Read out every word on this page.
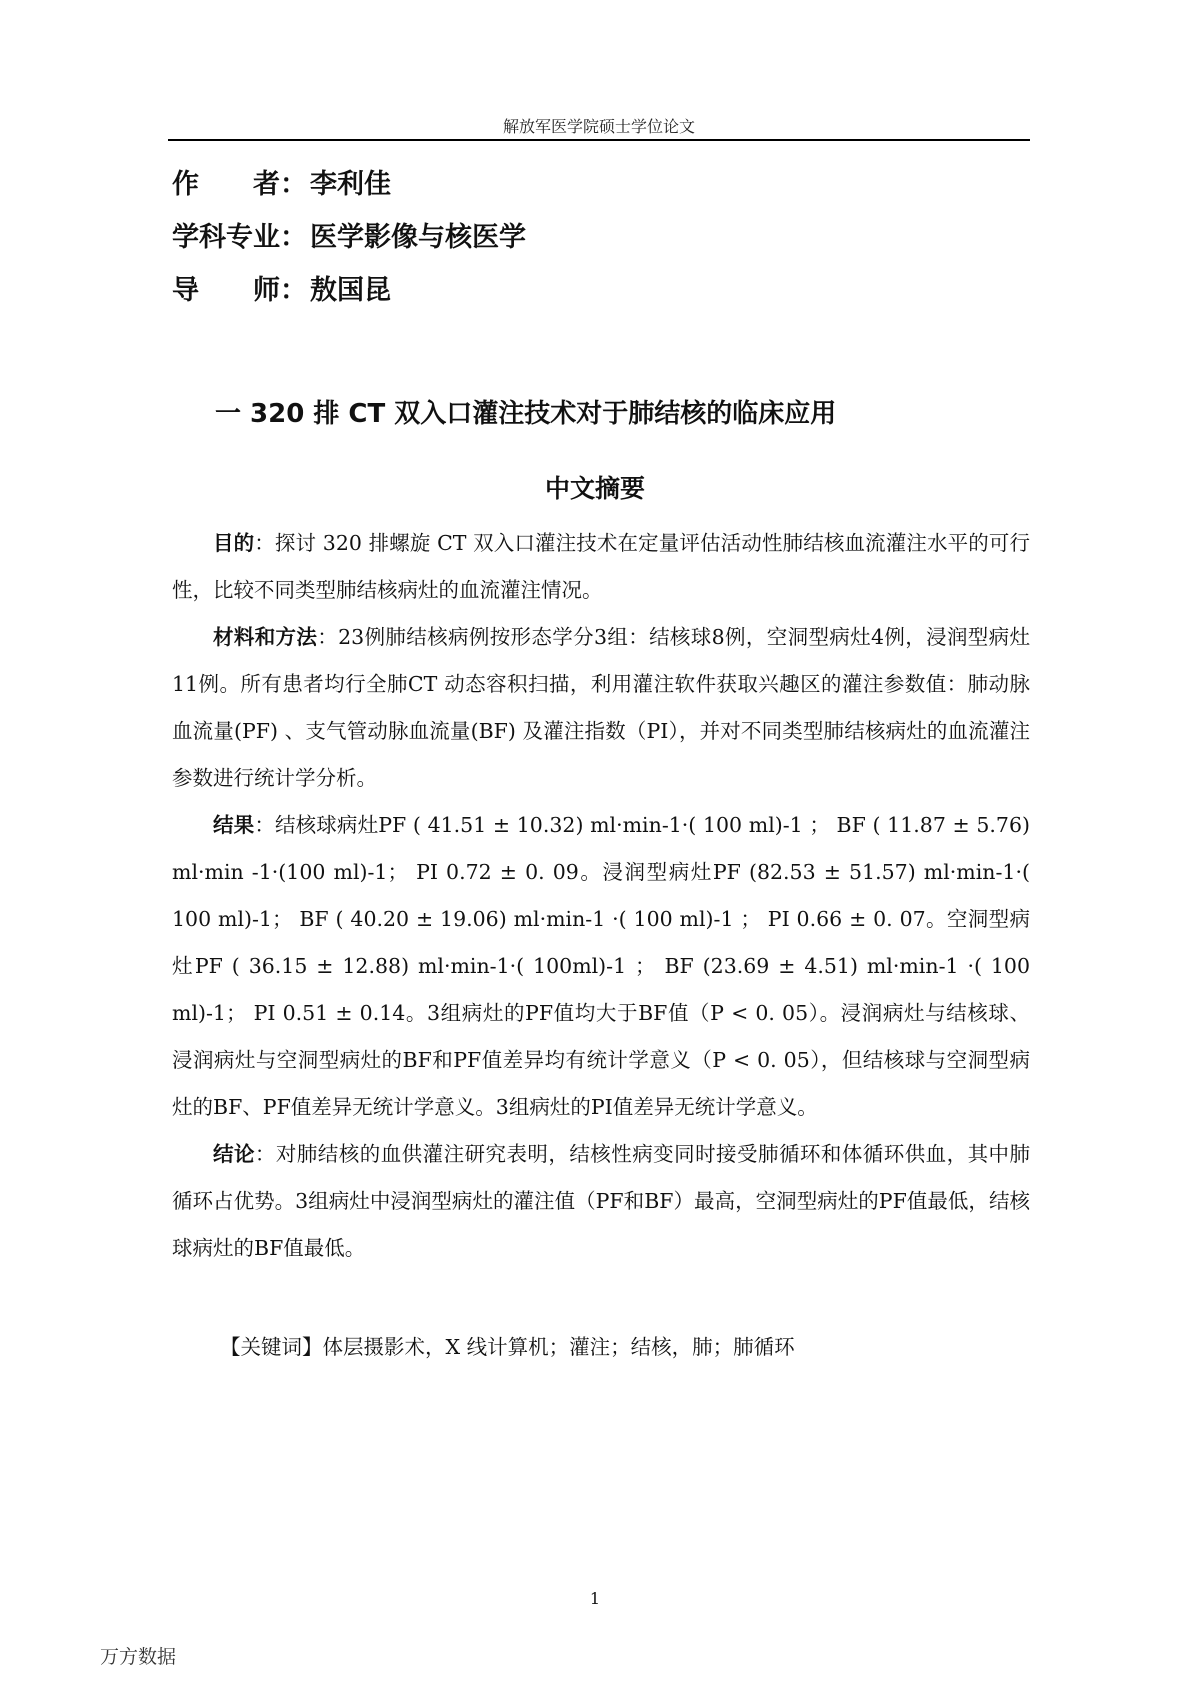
解放军医学院硕士学位论文
作　　者： 李利佳
学科专业： 医学影像与核医学
导　　师： 敖国昆
一 320 排 CT 双入口灌注技术对于肺结核的临床应用
中文摘要

目的：探讨 320 排螺旋 CT 双入口灌注技术在定量评估活动性肺结核血流灌注水平的可行性，比较不同类型肺结核病灶的血流灌注情况。

材料和方法：23例肺结核病例按形态学分3组：结核球8例，空洞型病灶4例，浸润型病灶11例。所有患者均行全肺CT 动态容积扫描，利用灌注软件获取兴趣区的灌注参数值：肺动脉血流量(PF) 、支气管动脉血流量(BF) 及灌注指数（PI），并对不同类型肺结核病灶的血流灌注参数进行统计学分析。

结果：结核球病灶PF ( 41.51 ± 10.32) ml·min-1·( 100 ml)-1 ； BF ( 11.87 ± 5.76) ml·min -1·(100 ml)-1； PI 0.72 ± 0. 09。浸润型病灶PF (82.53 ± 51.57) ml·min-1·( 100 ml)-1； BF ( 40.20 ± 19.06) ml·min-1 ·( 100 ml)-1 ； PI 0.66 ± 0. 07。空洞型病灶PF ( 36.15 ± 12.88) ml·min-1·( 100ml)-1 ； BF (23.69 ± 4.51) ml·min-1 ·( 100 ml)-1； PI 0.51 ± 0.14。3组病灶的PF值均大于BF值（P < 0. 05）。浸润病灶与结核球、浸润病灶与空洞型病灶的BF和PF值差异均有统计学意义（P < 0. 05），但结核球与空洞型病灶的BF、PF值差异无统计学意义。3组病灶的PI值差异无统计学意义。

结论：对肺结核的血供灌注研究表明，结核性病变同时接受肺循环和体循环供血，其中肺循环占优势。3组病灶中浸润型病灶的灌注值（PF和BF）最高，空洞型病灶的PF值最低，结核球病灶的BF值最低。

【关键词】体层摄影术，X 线计算机；灌注；结核，肺；肺循环
1
万方数据
